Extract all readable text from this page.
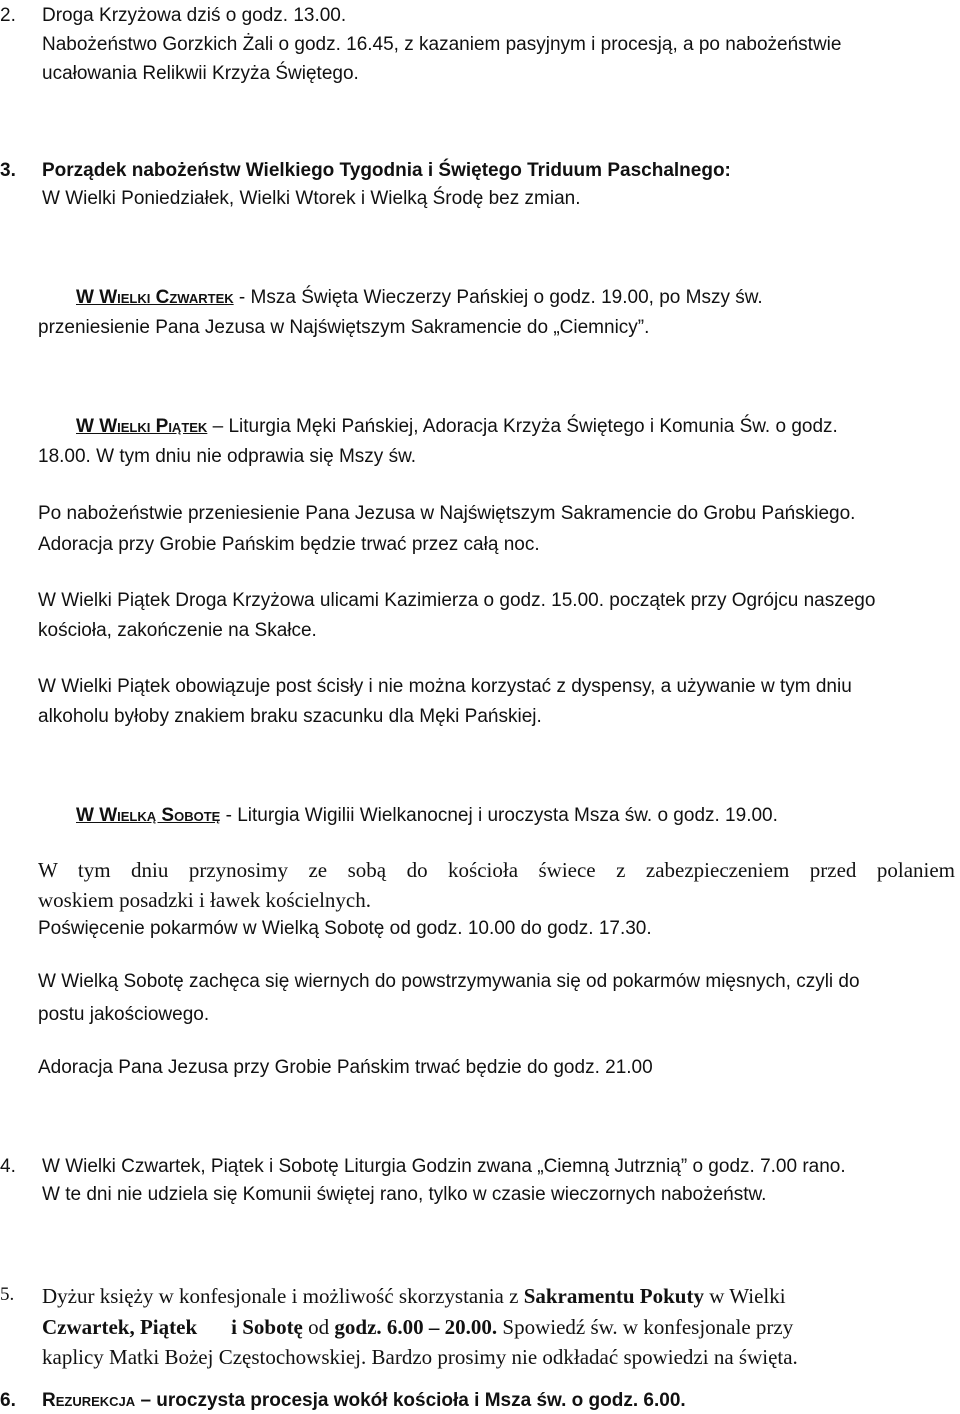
2. Droga Krzyżowa dziś o godz. 13.00.
Nabożeństwo Gorzkich Żali o godz. 16.45, z kazaniem pasyjnym i procesją, a po nabożeństwie
ucałowania Relikwii Krzyża Świętego.
3. Porządek nabożeństw Wielkiego Tygodnia i Świętego Triduum Paschalnego:
W Wielki Poniedziałek, Wielki Wtorek i Wielką Środę bez zmian.
W Wielki Czwartek - Msza Święta Wieczerzy Pańskiej o godz. 19.00, po Mszy św.
przeniesienie Pana Jezusa w Najświętszym Sakramencie do „Ciemnicy”.
W Wielki Piątek – Liturgia Męki Pańskiej, Adoracja Krzyża Świętego i Komunia Św. o godz.
18.00. W tym dniu nie odprawia się Mszy św.
Po nabożeństwie przeniesienie Pana Jezusa w Najświętszym Sakramencie do Grobu Pańskiego.
Adoracja przy Grobie Pańskim będzie trwać przez całą noc.
W Wielki Piątek Droga Krzyżowa ulicami Kazimierza o godz. 15.00. początek przy Ogrójcu naszego
kościoła, zakończenie na Skałce.
W Wielki Piątek obowiązuje post ścisły i nie można korzystać z dyspensy, a używanie w tym dniu
alkoholu byłoby znakiem braku szacunku dla Męki Pańskiej.
W Wielką Sobotę - Liturgia Wigilii Wielkanocnej i uroczysta Msza św. o godz. 19.00.
W tym dniu przynosimy ze sobą do kościoła świece z zabezpieczeniem przed polaniem
woskiem posadzki i ławek kościelnych.
Poświęcenie pokarmów w Wielką Sobotę od godz. 10.00 do godz. 17.30.
W Wielką Sobotę zachęca się wiernych do powstrzymywania się od pokarmów mięsnych, czyli do
postu jakościowego.
Adoracja Pana Jezusa przy Grobie Pańskim trwać będzie do godz. 21.00
4. W Wielki Czwartek, Piątek i Sobotę Liturgia Godzin zwana „Ciemną Jutrznią” o godz. 7.00 rano.
W te dni nie udziela się Komunii świętej rano, tylko w czasie wieczornych nabożeństw.
5. Dyżur księży w konfesjonale i możliwość skorzystania z Sakramentu Pokuty w Wielki
Czwartek, Piątek i Sobotę od godz. 6.00 – 20.00. Spowiedź św. w konfesjonale przy
kaplicy Matki Bożej Częstochowskiej. Bardzo prosimy nie odkładać spowiedzi na święta.
6. Rezurekcja – uroczysta procesja wokół kościoła i Msza św. o godz. 6.00.
